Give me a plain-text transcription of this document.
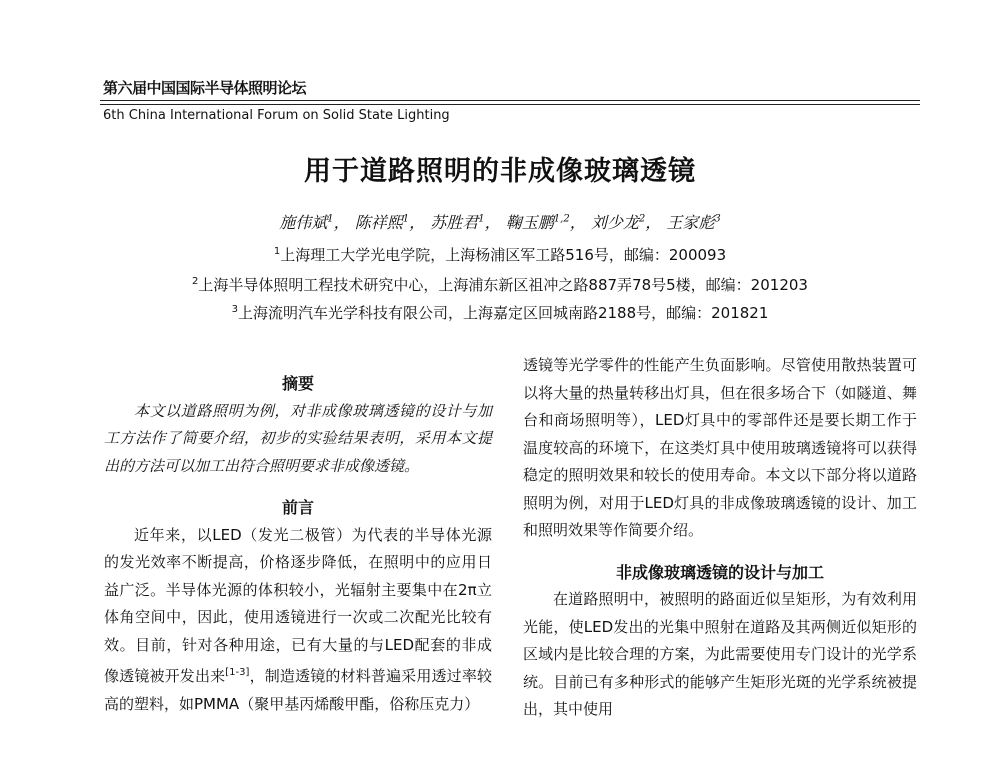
第六届中国国际半导体照明论坛
6th China International Forum on Solid State Lighting
用于道路照明的非成像玻璃透镜
施伟斌$^1$， 陈祥熙$^1$， 苏胜君$^1$， 鞠玉鹏$^{1,2}$， 刘少龙$^2$， 王家彪$^3$
$^1$上海理工大学光电学院，上海杨浦区军工路516号，邮编：200093
$^2$上海半导体照明工程技术研究中心，上海浦东新区祖冲之路887弄78号5楼，邮编：201203
$^3$上海流明汽车光学科技有限公司，上海嘉定区回城南路2188号，邮编：201821
摘要

本文以道路照明为例，对非成像玻璃透镜的设计与加工方法作了简要介绍，初步的实验结果表明，采用本文提出的方法可以加工出符合照明要求非成像透镜。

前言

近年来，以LED（发光二极管）为代表的半导体光源的发光效率不断提高，价格逐步降低，在照明中的应用日益广泛。半导体光源的体积较小，光辐射主要集中在2π立体角空间中，因此，使用透镜进行一次或二次配光比较有效。目前，针对各种用途，已有大量的与LED配套的非成像透镜被开发出来[1-3]，制造透镜的材料普遍采用透过率较高的塑料，如PMMA（聚甲基丙烯酸甲酯，俗称压克力）

透镜等光学零件的性能产生负面影响。尽管使用散热装置可以将大量的热量转移出灯具，但在很多场合下（如隧道、舞台和商场照明等），LED灯具中的零部件还是要长期工作于温度较高的环境下，在这类灯具中使用玻璃透镜将可以获得稳定的照明效果和较长的使用寿命。本文以下部分将以道路照明为例，对用于LED灯具的非成像玻璃透镜的设计、加工和照明效果等作简要介绍。

非成像玻璃透镜的设计与加工

在道路照明中，被照明的路面近似呈矩形，为有效利用光能，使LED发出的光集中照射在道路及其两侧近似矩形的区域内是比较合理的方案，为此需要使用专门设计的光学系统。目前已有多种形式的能够产生矩形光斑的光学系统被提出，其中使用
